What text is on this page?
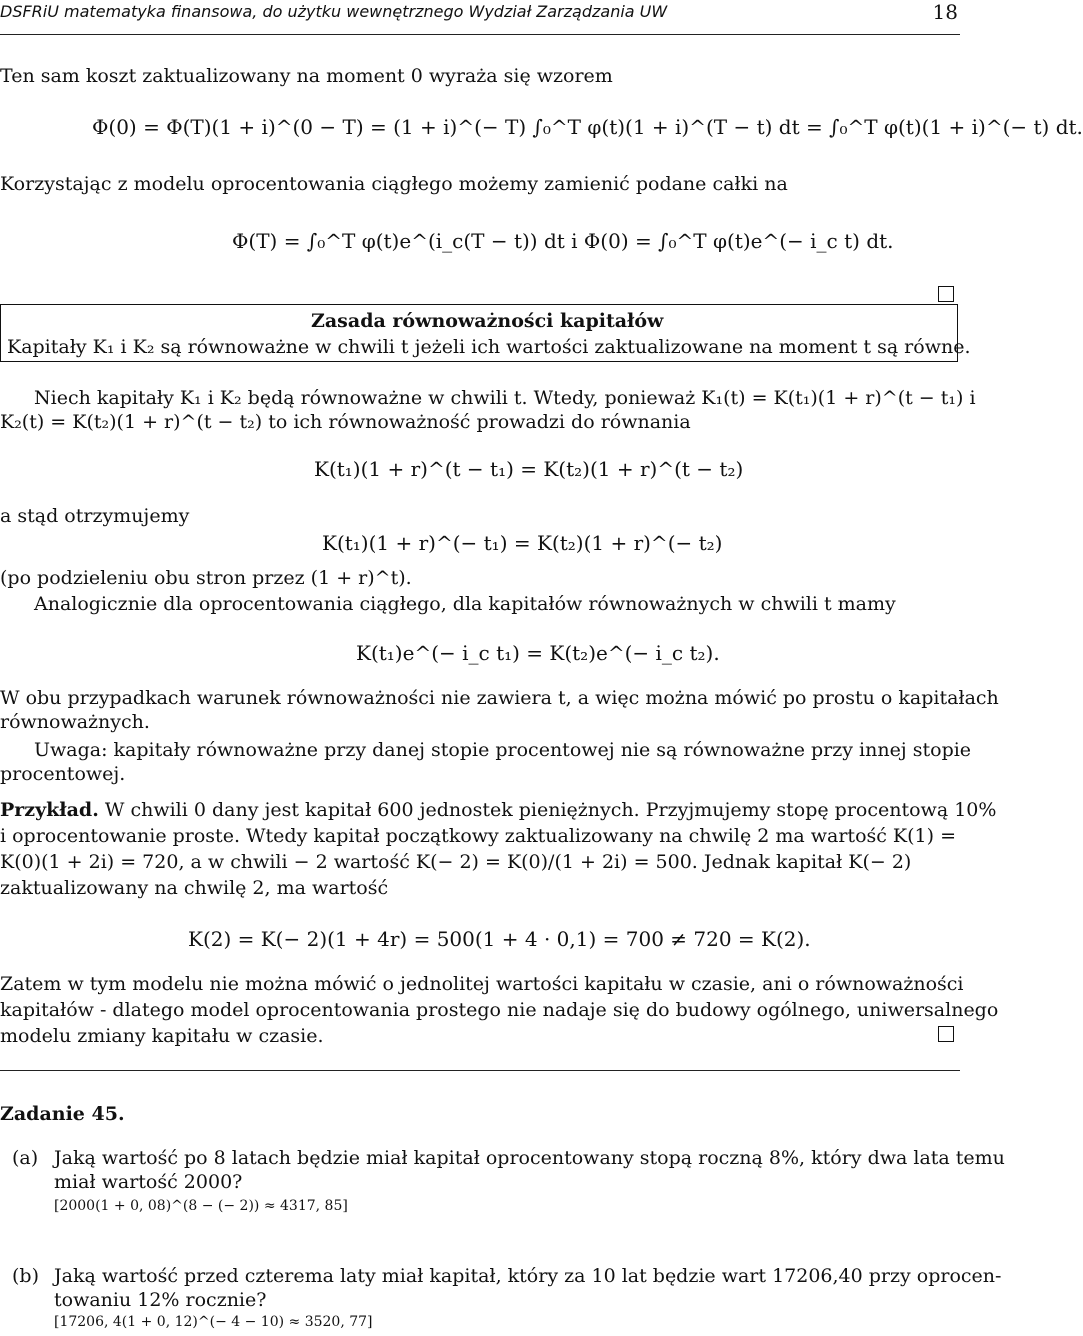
DSFRiU matematyka finansowa, do użytku wewnętrznego Wydział Zarządzania UW	18
Ten sam koszt zaktualizowany na moment 0 wyraża się wzorem
Φ(0) = Φ(T)(1 + i)^(0 − T) = (1 + i)^(− T) ∫₀^T φ(t)(1 + i)^(T − t) dt = ∫₀^T φ(t)(1 + i)^(− t) dt.
Korzystając z modelu oprocentowania ciągłego możemy zamienić podane całki na
Φ(T) = ∫₀^T φ(t)e^(i_c(T − t)) dt i Φ(0) = ∫₀^T φ(t)e^(− i_c t) dt.
Zasada równoważności kapitałów
Kapitały K₁ i K₂ są równoważne w chwili t jeżeli ich wartości zaktualizowane na moment t są równe.
Niech kapitały K₁ i K₂ będą równoważne w chwili t. Wtedy, ponieważ K₁(t) = K(t₁)(1 + r)^(t − t₁) i
K₂(t) = K(t₂)(1 + r)^(t − t₂) to ich równoważność prowadzi do równania
K(t₁)(1 + r)^(t − t₁) = K(t₂)(1 + r)^(t − t₂)
a stąd otrzymujemy
K(t₁)(1 + r)^(− t₁) = K(t₂)(1 + r)^(− t₂)
(po podzieleniu obu stron przez (1 + r)^t).
Analogicznie dla oprocentowania ciągłego, dla kapitałów równoważnych w chwili t mamy
K(t₁)e^(− i_c t₁) = K(t₂)e^(− i_c t₂).
W obu przypadkach warunek równoważności nie zawiera t, a więc można mówić po prostu o kapitałach
równoważnych.
Uwaga: kapitały równoważne przy danej stopie procentowej nie są równoważne przy innej stopie
procentowej.
Przykład. W chwili 0 dany jest kapitał 600 jednostek pieniężnych. Przyjmujemy stopę procentową 10%
i oprocentowanie proste. Wtedy kapitał początkowy zaktualizowany na chwilę 2 ma wartość K(1) =
K(0)(1 + 2i) = 720, a w chwili − 2 wartość K(− 2) = K(0)/(1 + 2i) = 500. Jednak kapitał K(− 2)
zaktualizowany na chwilę 2, ma wartość
K(2) = K(− 2)(1 + 4r) = 500(1 + 4 · 0,1) = 700 ≠ 720 = K(2).
Zatem w tym modelu nie można mówić o jednolitej wartości kapitału w czasie, ani o równoważności
kapitałów - dlatego model oprocentowania prostego nie nadaje się do budowy ogólnego, uniwersalnego
modelu zmiany kapitału w czasie.
Zadanie 45.
(a) Jaką wartość po 8 latach będzie miał kapitał oprocentowany stopą roczną 8%, który dwa lata temu
miał wartość 2000?
[2000(1 + 0, 08)^(8 − (− 2)) ≈ 4317, 85]
(b) Jaką wartość przed czterema laty miał kapitał, który za 10 lat będzie wart 17206,40 przy oprocen-
towaniu 12% rocznie?
[17206, 4(1 + 0, 12)^(− 4 − 10) ≈ 3520, 77]
